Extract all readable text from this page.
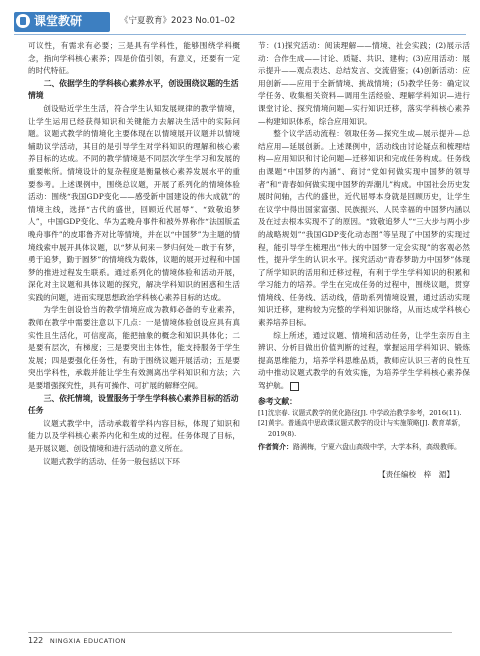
课堂教研	《宁夏教育》2023 No.01–02

可议性，有需求有必要；三是具有学科性，能够围绕学科概念，指向学科核心素养；四是价值引领，有意义，还要有一定的时代特征。

二、依据学生的学科核心素养水平，创设围绕议题的生活情境

创设贴近学生生活，符合学生认知发展规律的教学情境，让学生运用已经获得知识和关键能力去解决生活中的实际问题。议题式教学的情境化主要体现在以情境展开议题并以情境辅助议学活动，其目的是引导学生对学科知识的理解和核心素养目标的达成。不同的教学情境是不同层次学生学习和发展的重要帐所。情境设计的复杂程度是衡量核心素养发展水平的重要参考。上述课例中，围绕总议题，开展了系列化的情境体验活动：围绕“我国GDP变化——感受新中国建设的伟大成就”的情境主线，选择“古代的盛世，回顾近代屈辱”、“致敬追梦人”，中国GDP变化、华为孟晚舟事件和被外界称作“法国版孟晚舟事件”的皮耶鲁齐对比等情境，并在以“中国梦”为主题的情境线索中展开具体议题，以“梦从何来－梦归何处－敢于有梦，勇于追梦，勤于圆梦”的情境线为载体，议题的展开过程和中国梦的推进过程发生联系。通过系列化的情境体验和活动开展，深化对主议题和具体议题的探究，解决学科知识的困惑和生活实践的问题，进而实现思想政治学科核心素养目标的达成。

为学生创设恰当的教学情境应成为教师必备的专业素养，教师在教学中需要注意以下几点：一是情境体验创设应具有真实性且生活化，可信度高，能把抽象的概念和知识具体化；二是要有层次，有梯度；三是要突出主体性，能支持服务于学生发展；四是要强化任务性，有助于围绕议题开展活动；五是要突出学科性，承载并能让学生有效测离出学科知识和方法；六是要增强探究性，具有可操作、可扩展的解释空间。

三、依托情境，设置服务于学生学科核心素养目标的活动任务

议题式教学中，活动承载着学科内容目标，体现了知识和能力以及学科核心素养内化和生成的过程。任务体现了目标，是开展议题、创设情境和进行活动的意义所在。

议题式教学的活动、任务一般包括以下环

节：(1)探究活动：阅读理解——情境、社会实践；(2)展示活动：合作生成——讨论、质疑、共识、建构；(3)应用活动：展示提升——观点表达、总结发言、交流借鉴；(4)创新活动：应用创新——应用于全新情境、挑战情境；(5)教学任务：确定议学任务、收集相关资料—调用生活经验、理解学科知识—进行课堂讨论、探究情境问题—实行知识迁移，落实学科核心素养—构建知识体系，综合应用知识。

整个议学活动流程：领取任务—探究生成—展示提升—总结应用—延展创新。上述课例中，活动线由讨论疑点和梳理结构—应用知识和讨论问题—迁移知识和完成任务构成。任务线由课题“中国梦的内涵”、商讨“党如何做实现中国梦的领导者”和“青春如何做实现中国梦的弄潮儿”构成。中国社会历史发展时间轴，古代的盛世，近代屈辱本身就是回顾历史，让学生在议学中得出国家富强、民族振兴、人民幸福的中国梦内涵以及在过去根本实现不了的原因。“致敬追梦人”“三大步与两小步的战略规划”“我国GDP变化动态图”等呈现了中国梦的实现过程，能引导学生梳理出“伟大的中国梦一定会实现”的客观必然性，提升学生的认识水平。探究活动“青春梦助力中国梦”体现了所学知识的活用和迁移过程，有利于学生学科知识的积累和学习能力的培养。学生在完成任务的过程中，围绕议题，贯穿情境线、任务线、活动线，借助系列情境设置，通过活动实现知识迁移，建构较为完整的学科知识脉络，从而达成学科核心素养培养目标。

综上所述，通过议题、情境和活动任务，让学生亲历自主辨识、分析目做出价值判断的过程，掌握运用学科知识、锻炼提高思维能力，培养学科思维品质，教师应认识三者的良性互动中推动议题式教学的有效实施，为培养学生学科核心素养保驾护航。

参考文献：
[1] 沈宗春. 议题式教学的优化路径[J]. 中学政治教学参考，2016(11).
[2] 黄宇。普通高中思政课议题式教学的设计与实施策略[J]. 教育革新，2019(8).
作者简介：路满梅，宁夏六盘山高级中学，大学本科，高级教师。
【责任编校　梓　湄】
122 NINGXIA EDUCATION
